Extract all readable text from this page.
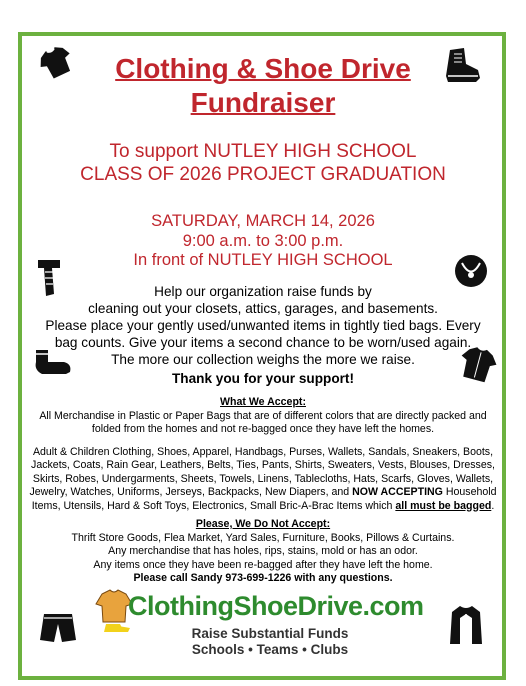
Clothing & Shoe Drive
Fundraiser
To support NUTLEY HIGH SCHOOL
CLASS OF 2026 PROJECT GRADUATION
SATURDAY, MARCH 14, 2026
9:00 a.m. to 3:00 p.m.
In front of NUTLEY HIGH SCHOOL
Help our organization raise funds by
cleaning out your closets, attics, garages, and basements.
Please place your gently used/unwanted items in tightly tied bags. Every
bag counts. Give your items a second chance to be worn/used again.
The more our collection weighs the more we raise.
Thank you for your support!
What We Accept:
All Merchandise in Plastic or Paper Bags that are of different colors that are directly packed and
folded from the homes and not re-bagged once they have left the homes.
Adult & Children Clothing, Shoes, Apparel, Handbags, Purses, Wallets, Sandals, Sneakers, Boots,
Jackets, Coats, Rain Gear, Leathers, Belts, Ties, Pants, Shirts, Sweaters, Vests, Blouses, Dresses,
Skirts, Robes, Undergarments, Sheets, Towels, Linens, Tablecloths, Hats, Scarfs, Gloves, Wallets,
Jewelry, Watches, Uniforms, Jerseys, Backpacks, New Diapers, and NOW ACCEPTING Household
Items, Utensils, Hard & Soft Toys, Electronics, Small Bric-A-Brac Items which all must be bagged.
Please, We Do Not Accept:
Thrift Store Goods, Flea Market, Yard Sales, Furniture, Books, Pillows & Curtains.
Any merchandise that has holes, rips, stains, mold or has an odor.
Any items once they have been re-bagged after they have left the home.
Please call Sandy 973-699-1226 with any questions.
ClothingShoeDrive.com
Raise Substantial Funds
Schools • Teams • Clubs
